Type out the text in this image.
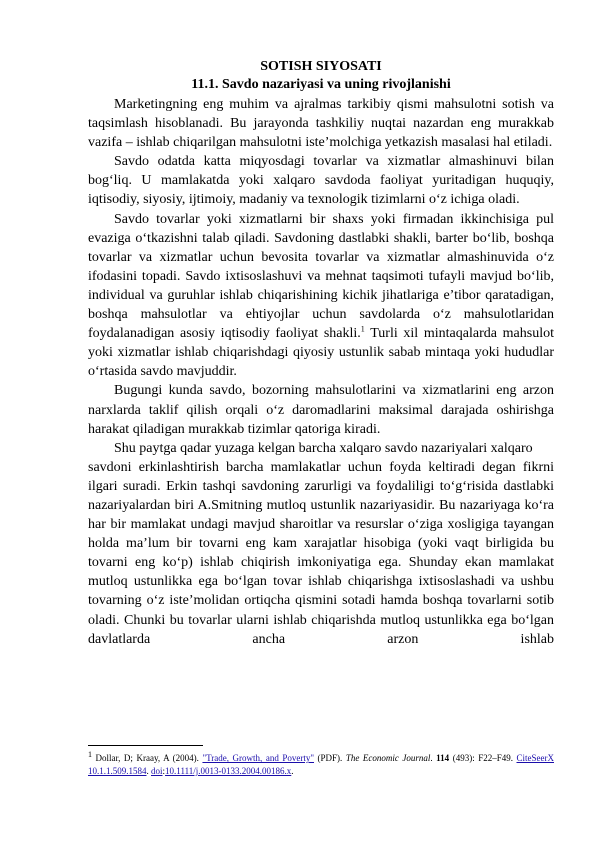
SOTISH SIYOSATI
11.1. Savdo nazariyasi va uning rivojlanishi

Marketingning eng muhim va ajralmas tarkibiy qismi mahsulotni sotish va taqsimlash hisoblanadi. Bu jarayonda tashkiliy nuqtai nazardan eng murakkab vazifa – ishlab chiqarilgan mahsulotni iste’molchiga yetkazish masalasi hal etiladi.

Savdo odatda katta miqyosdagi tovarlar va xizmatlar almashinuvi bilan bog‘liq. U mamlakatda yoki xalqaro savdoda faoliyat yuritadigan huquqiy, iqtisodiy, siyosiy, ijtimoiy, madaniy va texnologik tizimlarni o‘z ichiga oladi.

Savdo tovarlar yoki xizmatlarni bir shaxs yoki firmadan ikkinchisiga pul evaziga o‘tkazishni talab qiladi. Savdoning dastlabki shakli, barter bo‘lib, boshqa tovarlar va xizmatlar uchun bevosita tovarlar va xizmatlar almashinuvida o‘z ifodasini topadi. Savdo ixtisoslashuvi va mehnat taqsimoti tufayli mavjud bo‘lib, individual va guruhlar ishlab chiqarishining kichik jihatlariga e’tibor qaratadigan, boshqa mahsulotlar va ehtiyojlar uchun savdolarda o‘z mahsulotlaridan foydalanadigan asosiy iqtisodiy faoliyat shakli.$^1$ Turli xil mintaqalarda mahsulot yoki xizmatlar ishlab chiqarishdagi qiyosiy ustunlik sabab mintaqa yoki hududlar o‘rtasida savdo mavjuddir.

Bugungi kunda savdo, bozorning mahsulotlarini va xizmatlarini eng arzon narxlarda taklif qilish orqali o‘z daromadlarini maksimal darajada oshirishga harakat qiladigan murakkab tizimlar qatoriga kiradi.

Shu paytga qadar yuzaga kelgan barcha xalqaro savdo nazariyalari xalqaro

savdoni erkinlashtirish barcha mamlakatlar uchun foyda keltiradi degan fikrni ilgari suradi. Erkin tashqi savdoning zarurligi va foydaliligi to‘g‘risida dastlabki nazariyalardan biri A.Smitning mutloq ustunlik nazariyasidir. Bu nazariyaga ko‘ra har bir mamlakat undagi mavjud sharoitlar va resurslar o‘ziga xosligiga tayangan holda ma’lum bir tovarni eng kam xarajatlar hisobiga (yoki vaqt birligida bu tovarni eng ko‘p) ishlab chiqirish imkoniyatiga ega. Shunday ekan mamlakat mutloq ustunlikka ega bo‘lgan tovar ishlab chiqarishga ixtisoslashadi va ushbu tovarning o‘z iste’molidan ortiqcha qismini sotadi hamda boshqa tovarlarni sotib oladi. Chunki bu tovarlar ularni ishlab chiqarishda mutloq ustunlikka ega bo‘lgan davlatlarda ancha arzon ishlab

$^1$ Dollar, D; Kraay, A (2004). "Trade, Growth, and Poverty" (PDF). The Economic Journal. 114 (493): F22–F49. CiteSeerX 10.1.1.509.1584. doi:10.1111/j.0013-0133.2004.00186.x.
